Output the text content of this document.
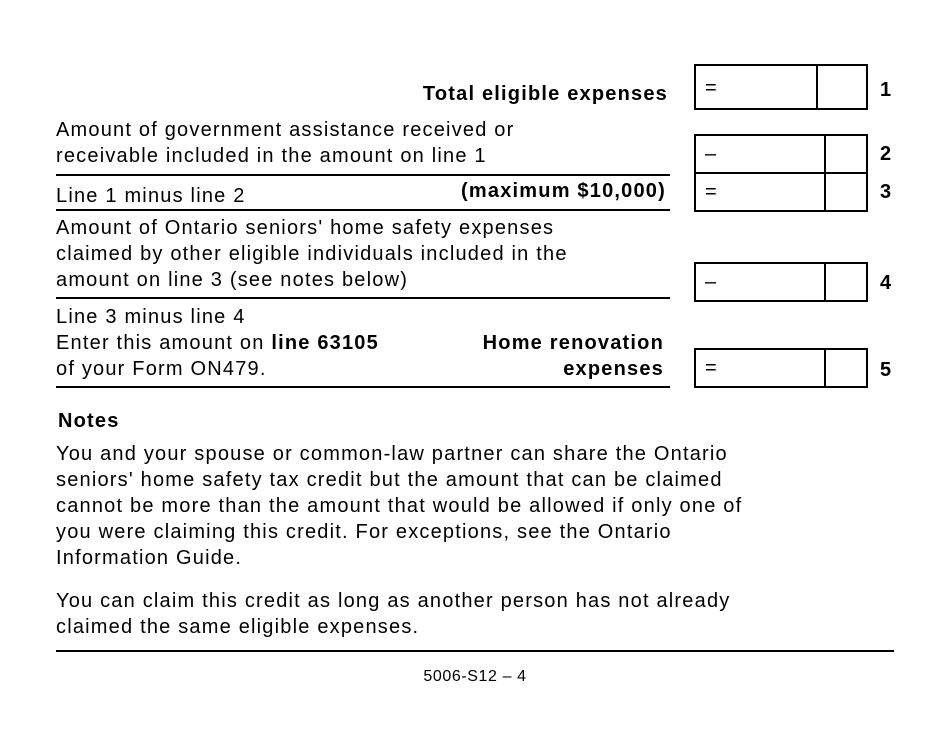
Total eligible expenses =	1
Amount of government assistance received or
receivable included in the amount on line 1	–	2
Line 1 minus line 2	(maximum $10,000) =	3
Amount of Ontario seniors' home safety expenses
claimed by other eligible individuals included in the
amount on line 3 (see notes below)	–	4
Line 3 minus line 4
Enter this amount on line 63105
of your Form ON479.
Home renovation
expenses =	5
Notes
You and your spouse or common-law partner can share the Ontario
seniors' home safety tax credit but the amount that can be claimed
cannot be more than the amount that would be allowed if only one of
you were claiming this credit. For exceptions, see the Ontario
Information Guide.
You can claim this credit as long as another person has not already
claimed the same eligible expenses.
5006-S12 – 4
